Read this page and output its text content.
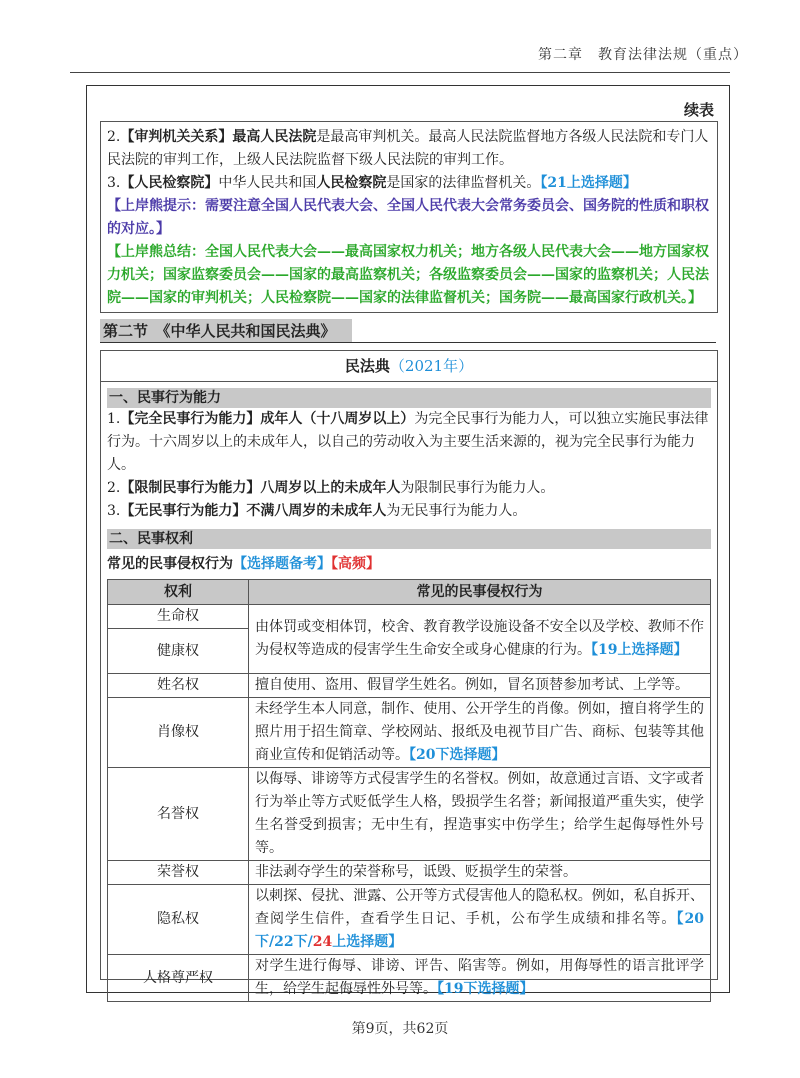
第二章　教育法律法规（重点）
续表

2.【审判机关关系】最高人民法院是最高审判机关。最高人民法院监督地方各级人民法院和专门人民法院的审判工作，上级人民法院监督下级人民法院的审判工作。

3.【人民检察院】中华人民共和国人民检察院是国家的法律监督机关。【21上选择题】

【上岸熊提示：需要注意全国人民代表大会、全国人民代表大会常务委员会、国务院的性质和职权的对应。】

【上岸熊总结：全国人民代表大会——最高国家权力机关；地方各级人民代表大会——地方国家权力机关；国家监察委员会——国家的最高监察机关；各级监察委员会——国家的监察机关；人民法院——国家的审判机关；人民检察院——国家的法律监督机关；国务院——最高国家行政机关。】

第二节　《中华人民共和国民法典》
民法典（2021年）
一、民事行为能力

1.【完全民事行为能力】成年人（十八周岁以上）为完全民事行为能力人，可以独立实施民事法律行为。十六周岁以上的未成年人，以自己的劳动收入为主要生活来源的，视为完全民事行为能力人。

2.【限制民事行为能力】八周岁以上的未成年人为限制民事行为能力人。

3.【无民事行为能力】不满八周岁的未成年人为无民事行为能力人。

二、民事权利
常见的民事侵权行为【选择题备考】【高频】
权利	常见的民事侵权行为
生命权	由体罚或变相体罚，校舍、教育教学设施设备不安全以及学校、教师不作为侵权等造成的侵害学生生命安全或身心健康的行为。【19上选择题】
健康权	
姓名权	擅自使用、盗用、假冒学生姓名。例如，冒名顶替参加考试、上学等。
肖像权	未经学生本人同意，制作、使用、公开学生的肖像。例如，擅自将学生的照片用于招生简章、学校网站、报纸及电视节目广告、商标、包装等其他商业宣传和促销活动等。【20下选择题】
名誉权	以侮辱、诽谤等方式侵害学生的名誉权。例如，故意通过言语、文字或者行为举止等方式贬低学生人格，毁损学生名誉；新闻报道严重失实，使学生名誉受到损害；无中生有，捏造事实中伤学生；给学生起侮辱性外号等。
荣誉权	非法剥夺学生的荣誉称号，诋毁、贬损学生的荣誉。
隐私权	以刺探、侵扰、泄露、公开等方式侵害他人的隐私权。例如，私自拆开、查阅学生信件，查看学生日记、手机，公布学生成绩和排名等。【20下/22下/24上选择题】
人格尊严权	对学生进行侮辱、诽谤、评告、陷害等。例如，用侮辱性的语言批评学生，给学生起侮辱性外号等。【19下选择题】
第9页，共62页
